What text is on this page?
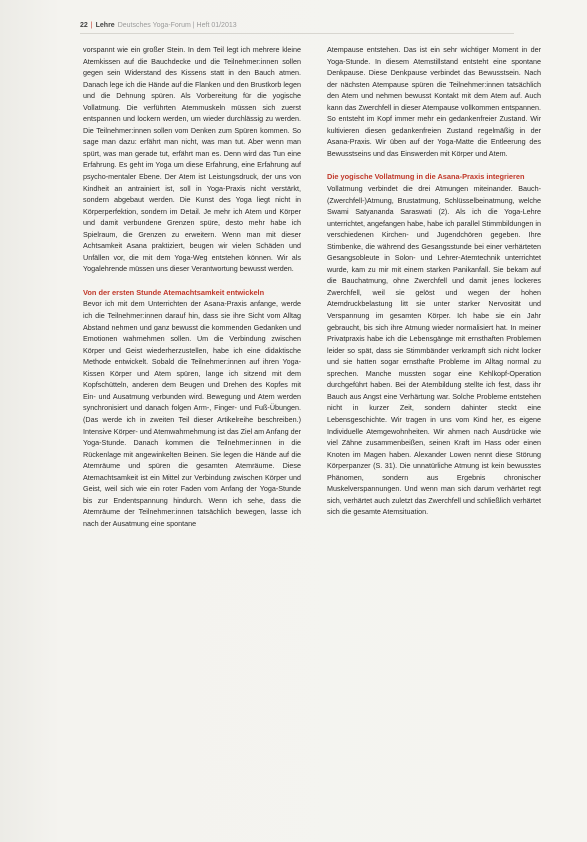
22 | Lehre Deutsches Yoga-Forum | Heft 01/2013

vorspannt wie ein großer Stein. In dem Teil legt ich mehrere kleine Atemkissen auf die Bauchdecke und die Teilnehmer:innen sollen gegen sein Widerstand des Kissens statt in den Bauch atmen. Danach lege ich die Hände auf die Flanken und den Brustkorb legen und die Dehnung spüren. Als Vorbereitung für die yogische Vollatmung. Die verführten Atemmuskeln müssen sich zuerst entspannen und lockern werden, um wieder durchlässig zu werden. Die Teilnehmer:innen sollen vom Denken zum Spüren kommen. So sage man dazu: erfährt man nicht, was man tut. Aber wenn man spürt, was man gerade tut, erfährt man es. Denn wird das Tun eine Erfahrung. Es geht im Yoga um diese Erfahrung, eine Erfahrung auf psycho-mentaler Ebene. Der Atem ist Leistungsdruck, der uns von Kindheit an antrainiert ist, soll in Yoga-Praxis nicht verstärkt, sondern abgebaut werden. Die Kunst des Yoga liegt nicht in Körperperfektion, sondern im Detail. Je mehr ich Atem und Körper und damit verbundene Grenzen spüre, desto mehr habe ich Spielraum, die Grenzen zu erweitern. Wenn man mit dieser Achtsamkeit Asana praktiziert, beugen wir vielen Schäden und Unfällen vor, die mit dem Yoga-Weg entstehen können. Wir als Yogalehrende müssen uns dieser Verantwortung bewusst werden.

Von der ersten Stunde Atemachtsamkeit entwickeln

Bevor ich mit dem Unterrichten der Asana-Praxis anfange, werde ich die Teilnehmer:innen darauf hin, dass sie ihre Sicht vom Alltag Abstand nehmen und ganz bewusst die kommenden Gedanken und Emotionen wahrnehmen sollen. Um die Verbindung zwischen Körper und Geist wiederherzustellen, habe ich eine didaktische Methode entwickelt. Sobald die Teilnehmer:innen auf ihren Yoga-Kissen Körper und Atem spüren, lange ich sitzend mit dem Kopfschütteln, anderen dem Beugen und Drehen des Kopfes mit Ein- und Ausatmung verbunden wird. Bewegung und Atem werden synchronisiert und danach folgen Arm-, Finger- und Fuß-Übungen. (Das werde ich in zweiten Teil dieser Artikelreihe beschreiben.) Intensive Körper- und Atemwahrnehmung ist das Ziel am Anfang der Yoga-Stunde. Danach kommen die Teilnehmer:innen in die Rückenlage mit angewinkelten Beinen. Sie legen die Hände auf die Atemräume und spüren die gesamten Atemräume. Diese Atemachtsamkeit ist ein Mittel zur Verbindung zwischen Körper und Geist, weil sich wie ein roter Faden vom Anfang der Yoga-Stunde bis zur Endentspannung hindurch. Wenn ich sehe, dass die Atemräume der Teilnehmer:innen tatsächlich bewegen, lasse ich nach der Ausatmung eine spontane

Atempause entstehen. Das ist ein sehr wichtiger Moment in der Yoga-Stunde. In diesem Atemstillstand entsteht eine spontane Denkpause. Diese Denkpause verbindet das Bewusstsein. Nach der nächsten Atempause spüren die Teilnehmer:innen tatsächlich den Atem und nehmen bewusst Kontakt mit dem Atem auf. Auch kann das Zwerchfell in dieser Atempause vollkommen entspannen. So entsteht im Kopf immer mehr ein gedankenfreier Zustand. Wir kultivieren diesen gedankenfreien Zustand regelmäßig in der Asana-Praxis. Wir üben auf der Yoga-Matte die Entleerung des Bewusstseins und das Einswerden mit Körper und Atem.

Die yogische Vollatmung in die Asana-Praxis integrieren

Vollatmung verbindet die drei Atmungen miteinander. Bauch-(Zwerchfell-)Atmung, Brustatmung, Schlüsselbeinatmung, welche Swami Satyananda Saraswati (2). Als ich die Yoga-Lehre unterrichtet, angefangen habe, habe ich parallel Stimmbildungen in verschiedenen Kirchen- und Jugendchören gegeben. Ihre Stimbenke, die während des Gesangsstunde bei einer verhärteten Gesangsobleute in Solon- und Lehrer-Atemtechnik unterrichtet wurde, kam zu mir mit einem starken Panikanfall. Sie bekam auf die Bauchatmung, ohne Zwerchfell und damit jenes lockeres Zwerchfell, weil sie gelöst und wegen der hohen Atemdruckbelastung litt sie unter starker Nervosität und Verspannung im gesamten Körper. Ich habe sie ein Jahr gebraucht, bis sich ihre Atmung wieder normalisiert hat. In meiner Privatpraxis habe ich die Lebensgänge mit ernsthaften Problemen leider so spät, dass sie Stimmbänder verkrampft sich nicht locker und sie hatten sogar ernsthafte Probleme im Alltag normal zu sprechen. Manche mussten sogar eine Kehlkopf-Operation durchgeführt haben. Bei der Atembildung stellte ich fest, dass ihr Bauch aus Angst eine Verhärtung war. Solche Probleme entstehen nicht in kurzer Zeit, sondern dahinter steckt eine Lebensgeschichte. Wir tragen in uns vom Kind her, es eigene Individuelle Atemgewohnheiten. Wir ahmen nach Ausdrücke wie viel Zähne zusammenbeißen, seinen Kraft im Hass oder einen Knoten im Magen haben. Alexander Lowen nennt diese Störung Körperpanzer (S. 31). Die unnatürliche Atmung ist kein bewusstes Phänomen, sondern aus Ergebnis chronischer Muskelverspannungen. Und wenn man sich darum verhärtet regt sich, verhärtet auch zuletzt das Zwerchfell und schließlich verhärtet sich die gesamte Atemsituation.
